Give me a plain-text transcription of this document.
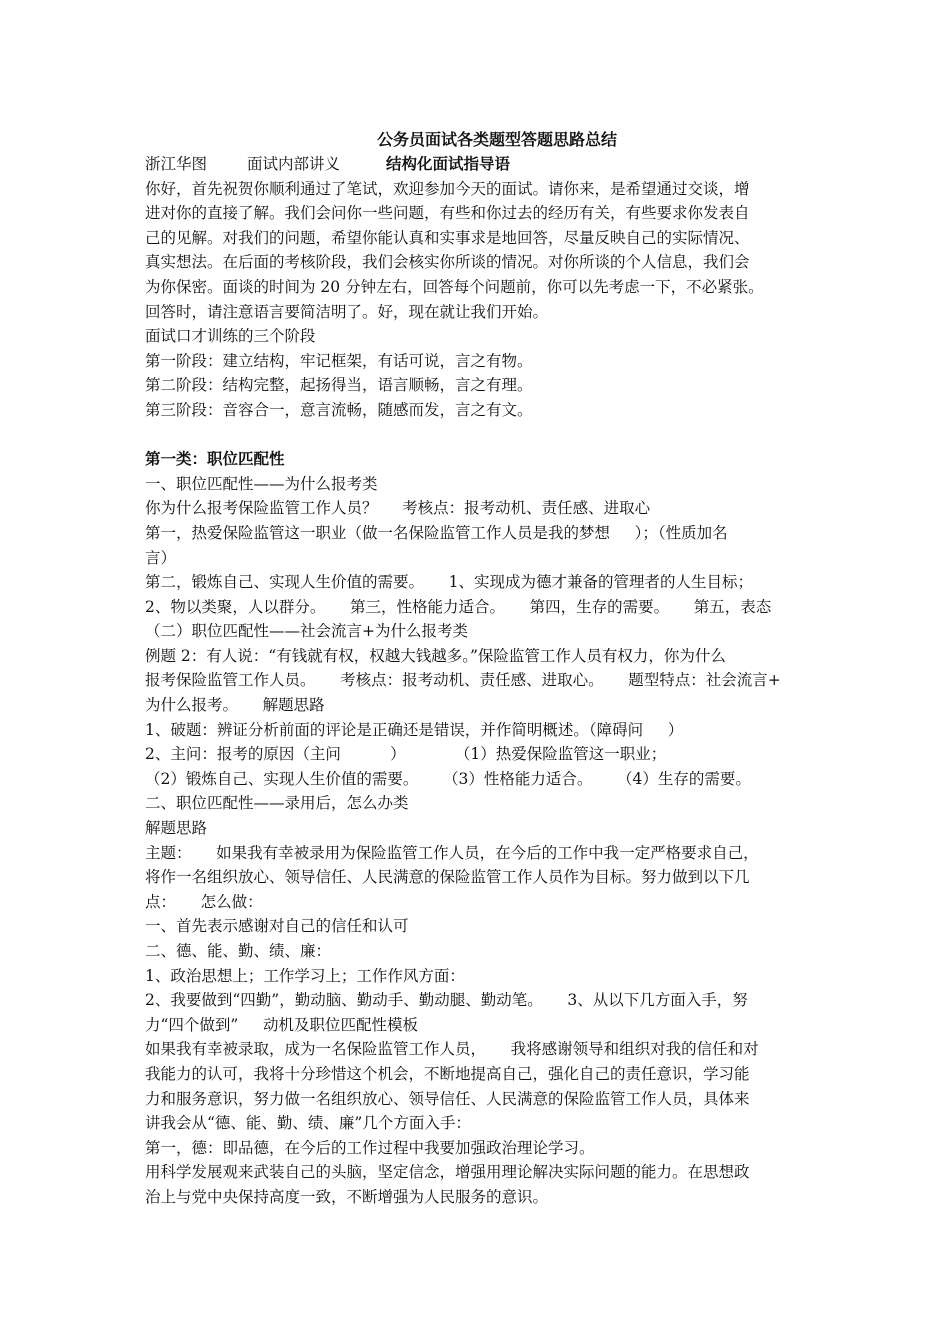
公务员面试各类题型答题思路总结
浙江华图	面试内部讲义	结构化面试指导语
你好，首先祝贺你顺利通过了笔试，欢迎参加今天的面试。请你来，是希望通过交谈，增
进对你的直接了解。我们会问你一些问题，有些和你过去的经历有关，有些要求你发表自
己的见解。对我们的问题，希望你能认真和实事求是地回答，尽量反映自己的实际情况、
真实想法。在后面的考核阶段，我们会核实你所谈的情况。对你所谈的个人信息，我们会
为你保密。面谈的时间为 20 分钟左右，回答每个问题前，你可以先考虑一下，不必紧张。
回答时，请注意语言要简洁明了。好，现在就让我们开始。
面试口才训练的三个阶段
第一阶段：建立结构，牢记框架，有话可说，言之有物。
第二阶段：结构完整，起扬得当，语言顺畅，言之有理。
第三阶段：音容合一，意言流畅，随感而发，言之有文。
第一类：职位匹配性
一、职位匹配性——为什么报考类
你为什么报考保险监管工作人员？     考核点：报考动机、责任感、进取心
第一，热爱保险监管这一职业（做一名保险监管工作人员是我的梦想     ）；（性质加名
言）
第二，锻炼自己、实现人生价值的需要。     1、实现成为德才兼备的管理者的人生目标；
2、物以类聚，人以群分。     第三，性格能力适合。     第四，生存的需要。     第五，表态
（二）职位匹配性——社会流言+为什么报考类
例题 2：有人说：“有钱就有权，权越大钱越多。”保险监管工作人员有权力，你为什么
报考保险监管工作人员。     考核点：报考动机、责任感、进取心。     题型特点：社会流言+
为什么报考。     解题思路
1、破题：辨证分析前面的评论是正确还是错误，并作简明概述。（障碍问     ）
2、主问：报考的原因（主问          ）          （1）热爱保险监管这一职业；
（2）锻炼自己、实现人生价值的需要。     （3）性格能力适合。     （4）生存的需要。
二、职位匹配性——录用后，怎么办类
解题思路
主题：     如果我有幸被录用为保险监管工作人员，在今后的工作中我一定严格要求自己，
将作一名组织放心、领导信任、人民满意的保险监管工作人员作为目标。努力做到以下几
点：     怎么做：
一、首先表示感谢对自己的信任和认可
二、德、能、勤、绩、廉：
1、政治思想上；工作学习上；工作作风方面：
2、我要做到“四勤”，勤动脑、勤动手、勤动腿、勤动笔。     3、从以下几方面入手，努
力“四个做到”     动机及职位匹配性模板
如果我有幸被录取，成为一名保险监管工作人员，     我将感谢领导和组织对我的信任和对
我能力的认可，我将十分珍惜这个机会，不断地提高自己，强化自己的责任意识，学习能
力和服务意识，努力做一名组织放心、领导信任、人民满意的保险监管工作人员，具体来
讲我会从“德、能、勤、绩、廉”几个方面入手：
第一，德：即品德，在今后的工作过程中我要加强政治理论学习。
用科学发展观来武装自己的头脑，坚定信念，增强用理论解决实际问题的能力。在思想政
治上与党中央保持高度一致，不断增强为人民服务的意识。
